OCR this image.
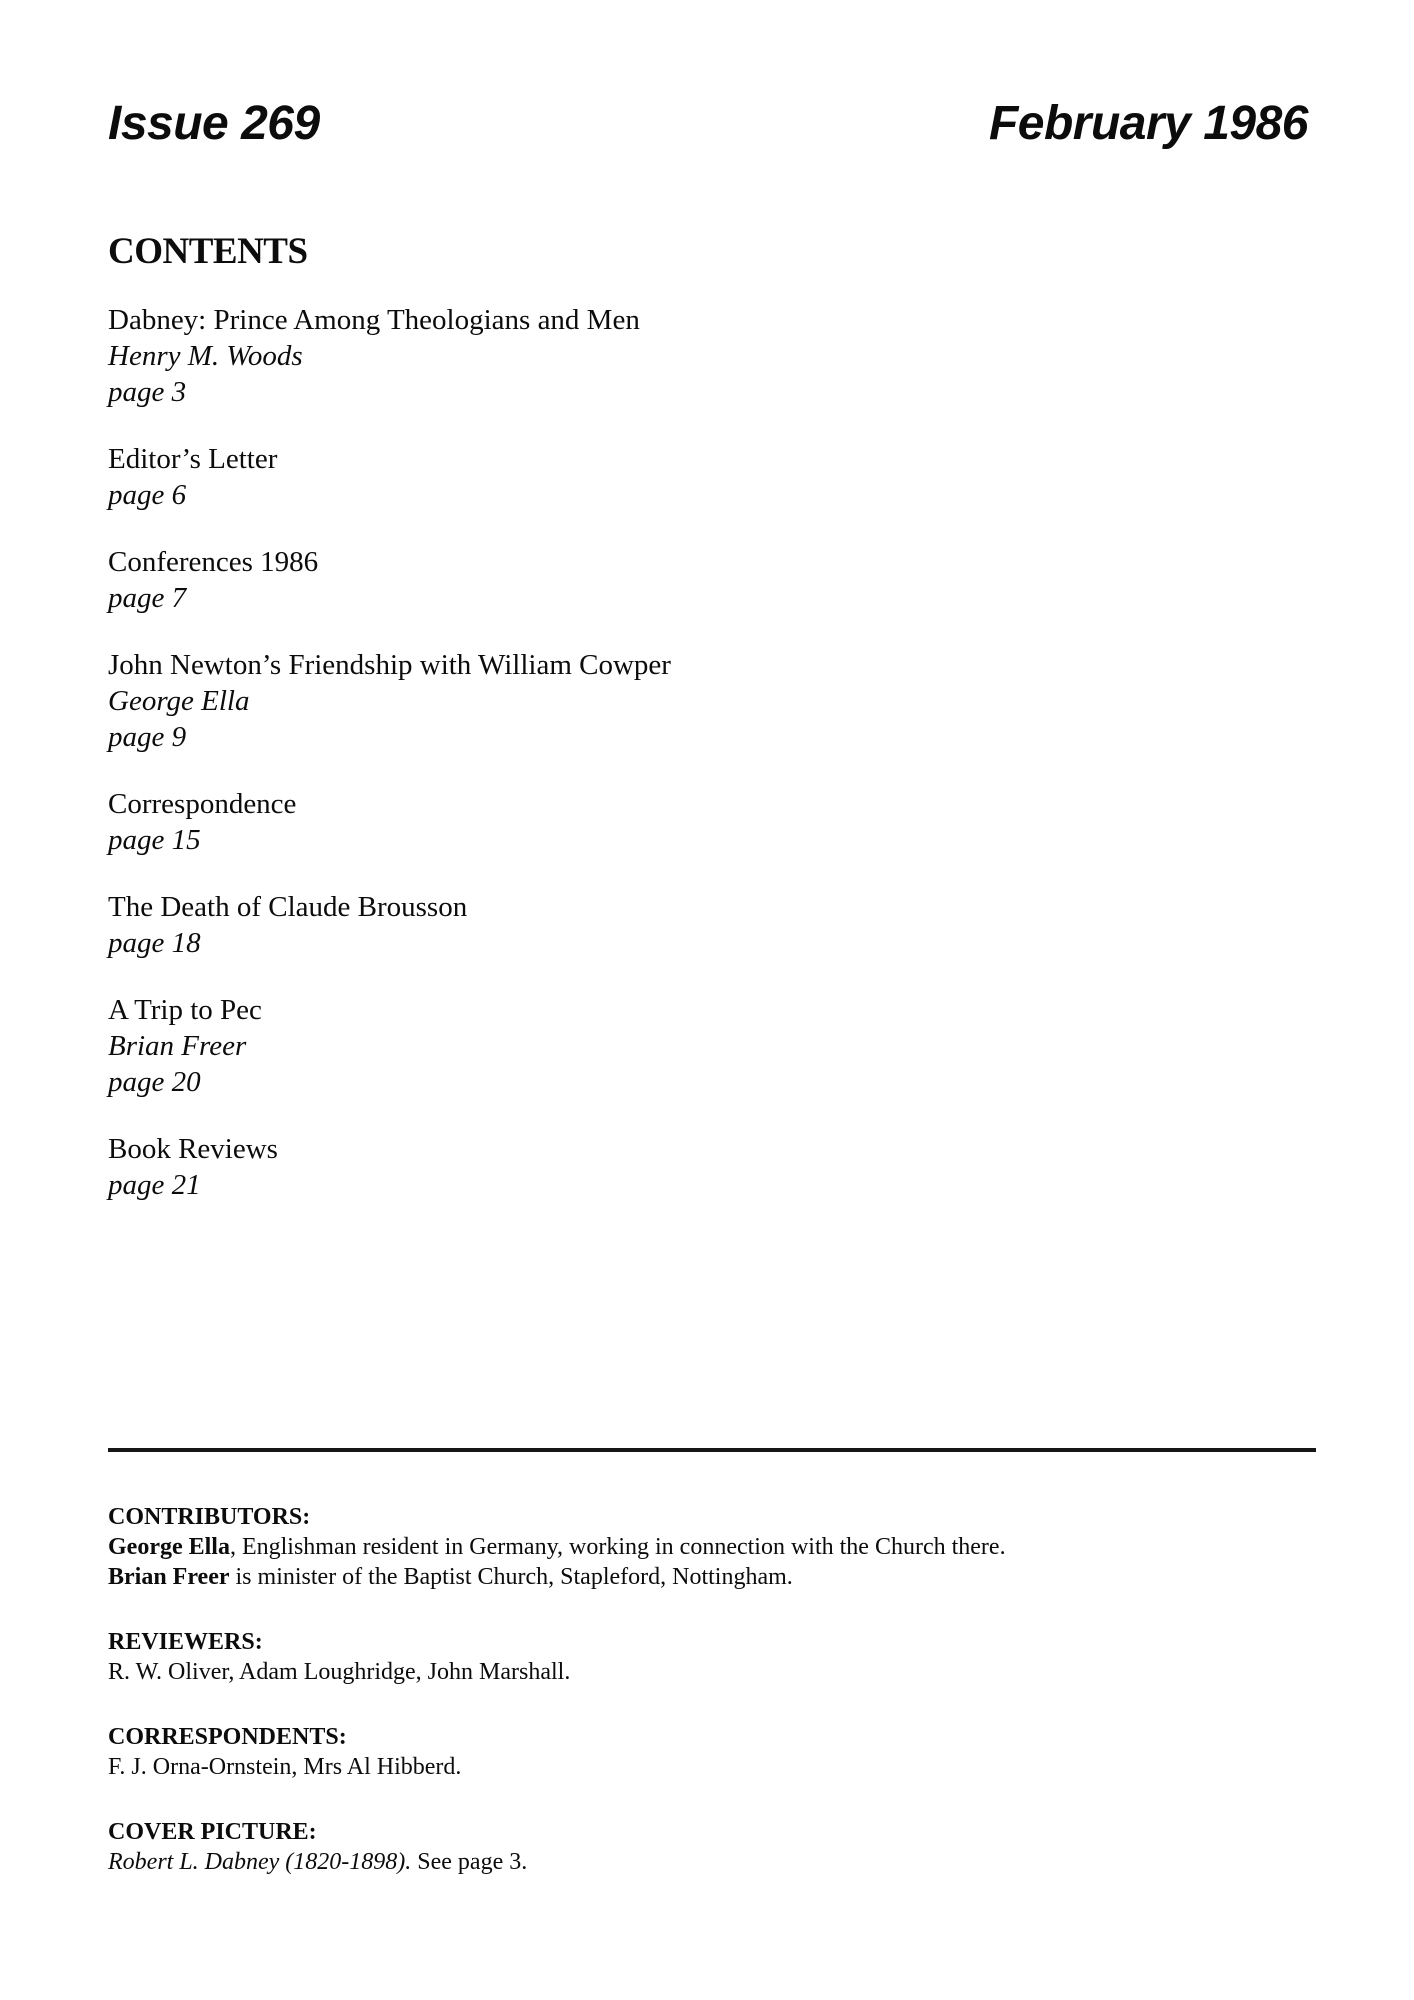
Issue 269	February 1986
CONTENTS
Dabney: Prince Among Theologians and Men
Henry M. Woods
page 3
Editor’s Letter
page 6
Conferences 1986
page 7
John Newton’s Friendship with William Cowper
George Ella
page 9
Correspondence
page 15
The Death of Claude Brousson
page 18
A Trip to Pec
Brian Freer
page 20
Book Reviews
page 21
CONTRIBUTORS:
George Ella, Englishman resident in Germany, working in connection with the Church there.
Brian Freer is minister of the Baptist Church, Stapleford, Nottingham.
REVIEWERS:
R. W. Oliver, Adam Loughridge, John Marshall.
CORRESPONDENTS:
F. J. Orna-Ornstein, Mrs Al Hibberd.
COVER PICTURE:
Robert L. Dabney (1820-1898). See page 3.
